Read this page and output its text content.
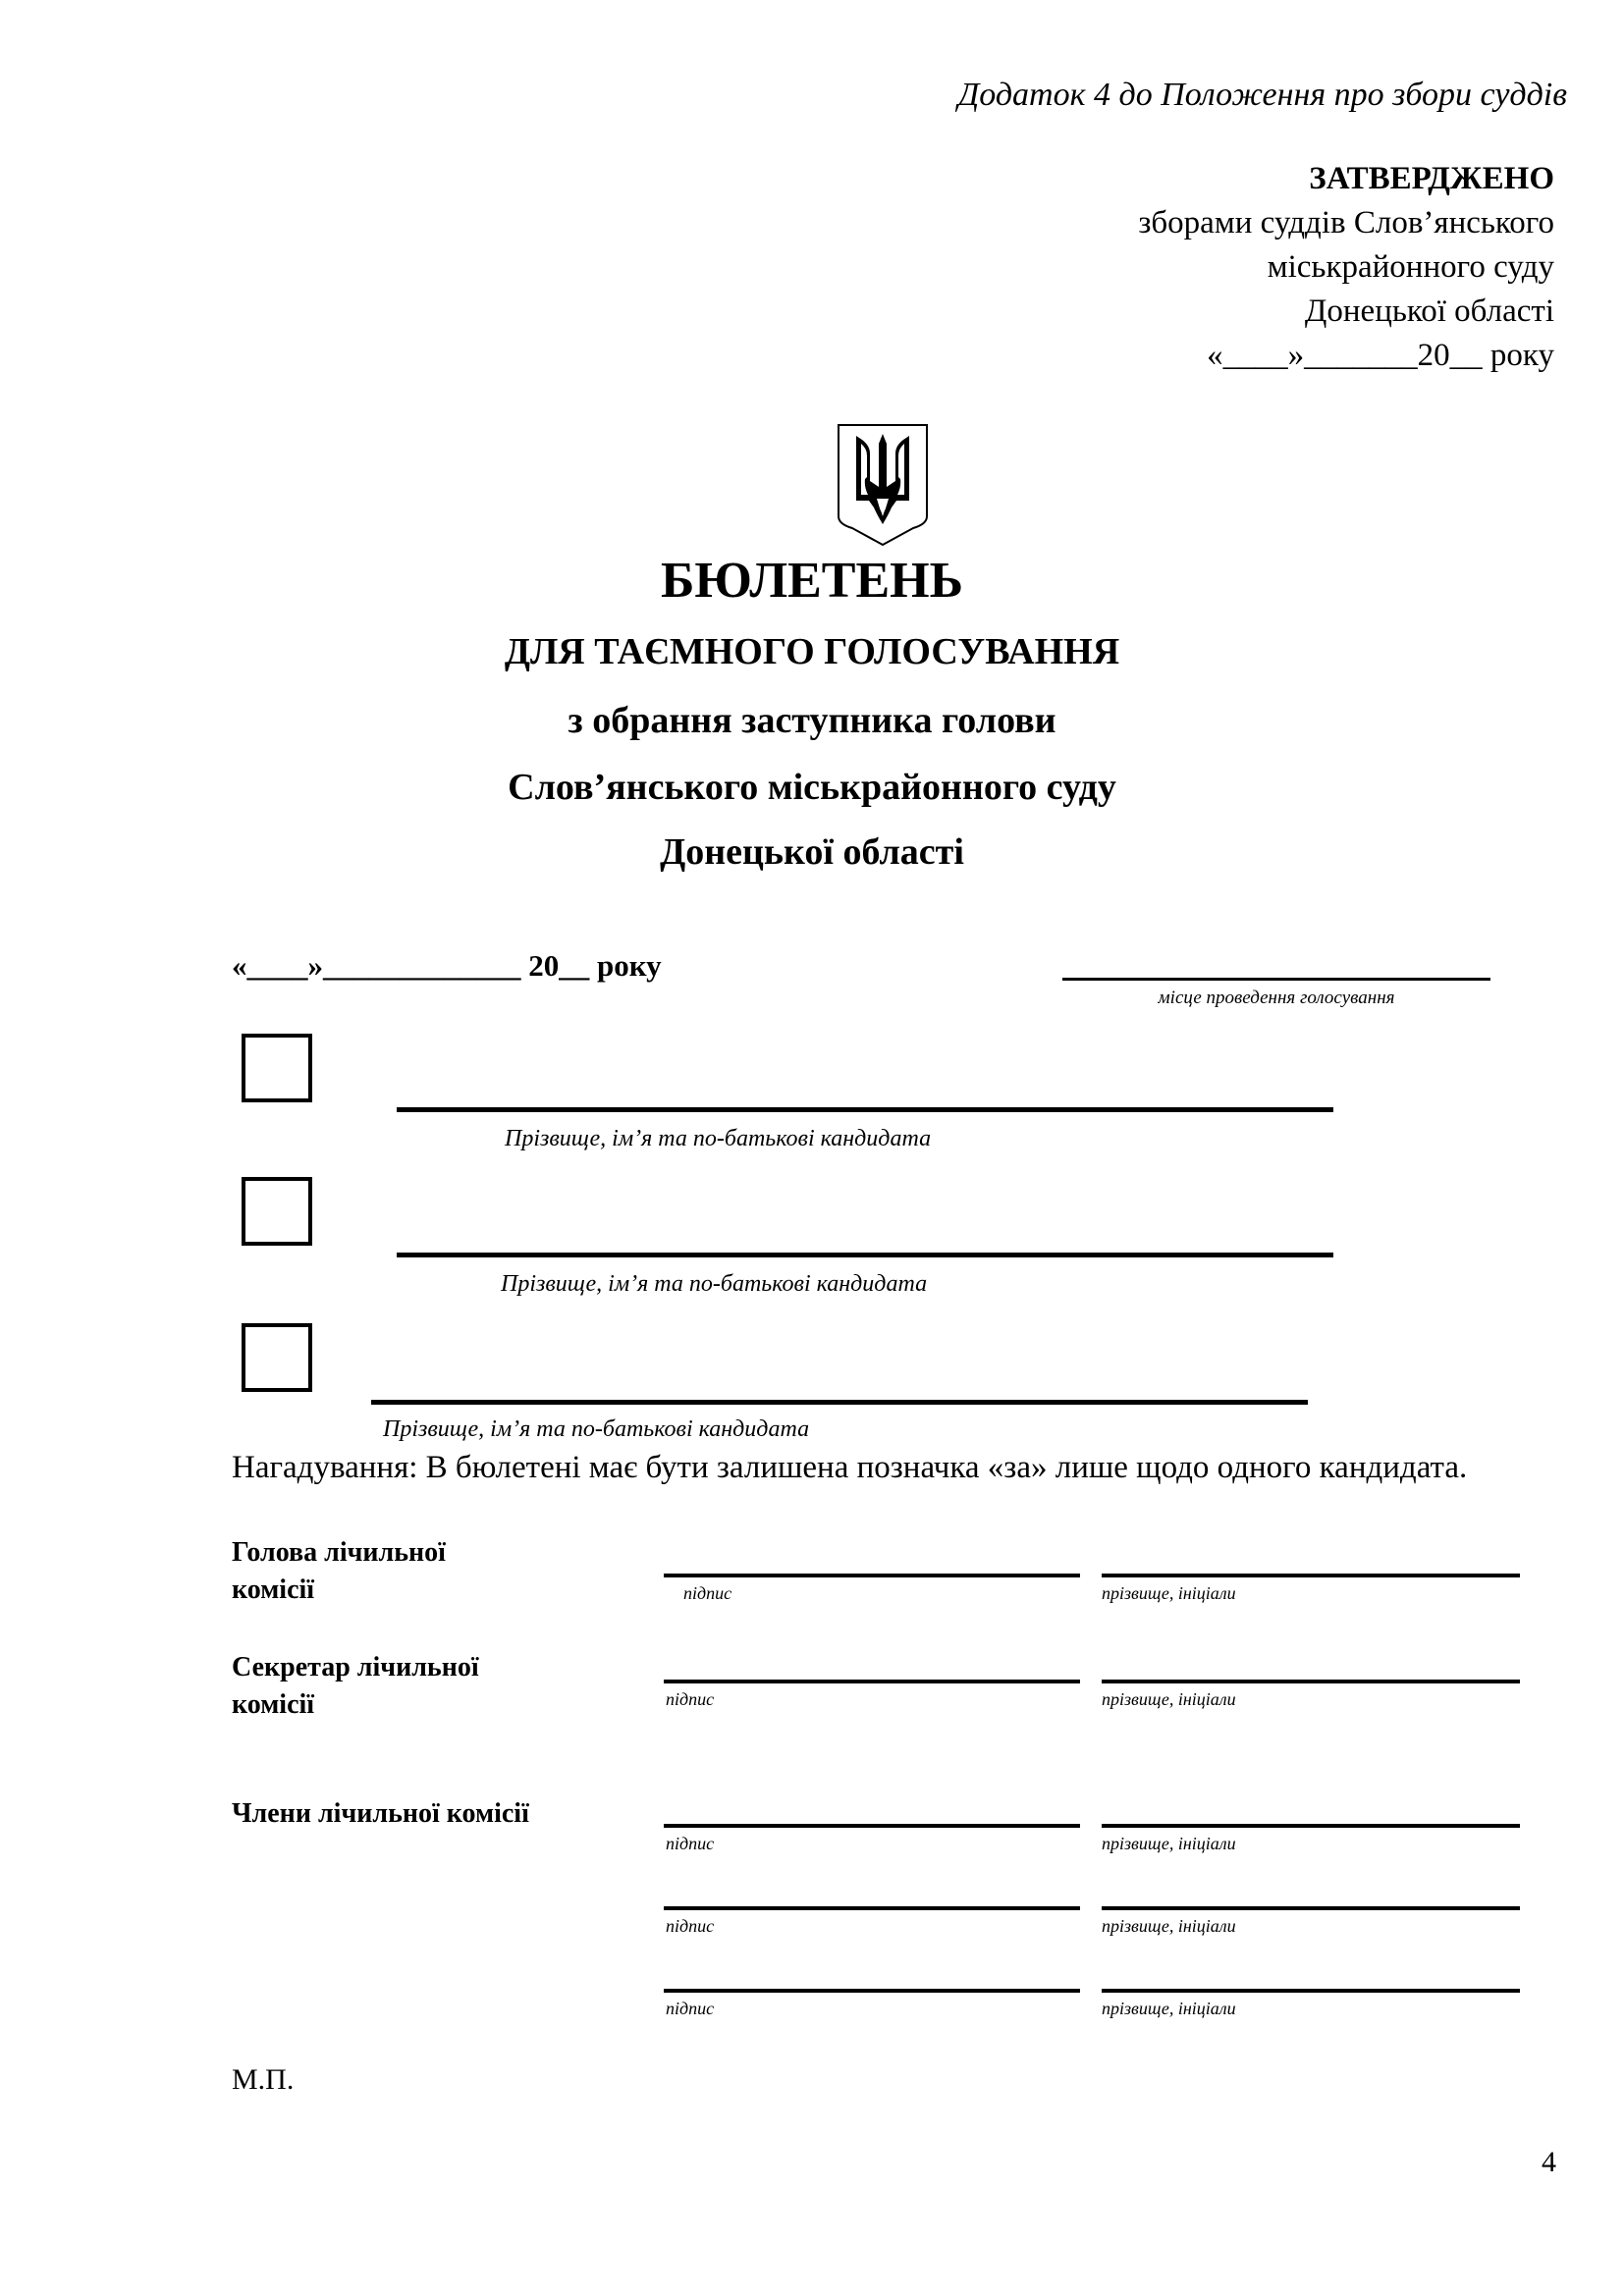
Додаток 4 до Положення про збори суддів
ЗАТВЕРДЖЕНО
зборами суддів Слов’янського
міськрайонного суду
Донецької області
«____»_______20__ року
БЮЛЕТЕНЬ
ДЛЯ ТАЄМНОГО ГОЛОСУВАННЯ
з обрання заступника голови
Слов’янського міськрайонного суду
Донецької області
«____»_____________ 20__ року
місце проведення голосування
Прізвище, ім’я та по-батькові кандидата
Прізвище, ім’я та по-батькові кандидата
Прізвище, ім’я та по-батькові кандидата
Нагадування: В бюлетені має бути залишена позначка «за» лише щодо одного кандидата.
Голова лічильної
комісії	підпис	прізвище, ініціали
Секретар лічильної
комісiї	підпис	прізвище, ініціали
Члени лічильної комісiї
підпис	прізвище, ініціали
підпис	прізвище, ініціали
підпис	прізвище, ініціали
М.П.
4
